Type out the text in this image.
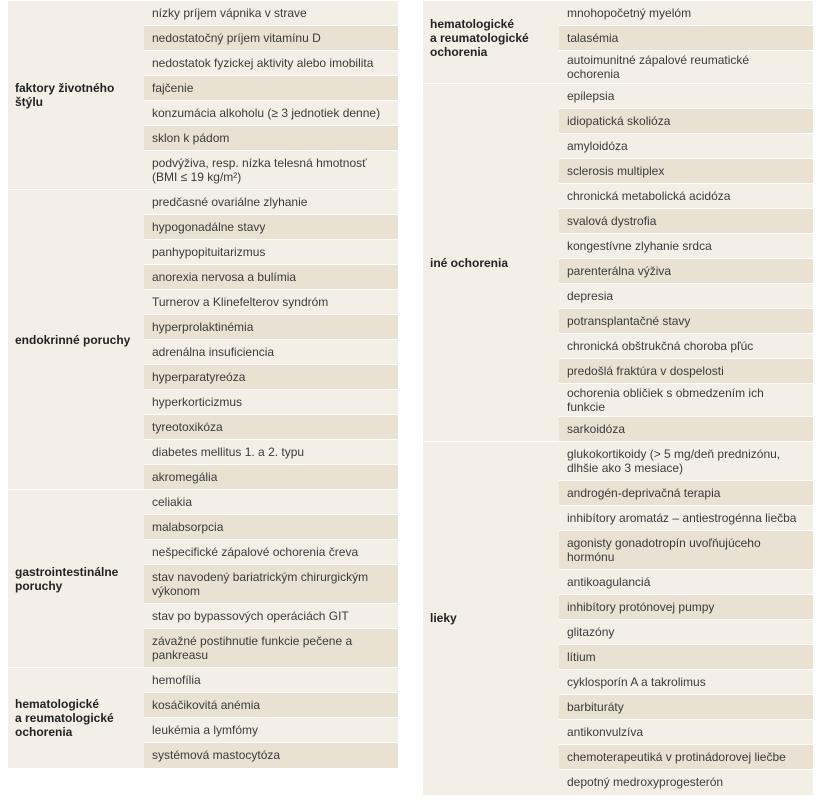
faktory životného
štýlu	nízky príjem vápnika v strave
	nedostatočný príjem vitamínu D
	nedostatok fyzickej aktivity alebo imobilita
	fajčenie
	konzumácia alkoholu (≥ 3 jednotiek denne)
	sklon k pádom
	podvýživa, resp. nízka telesná hmotnosť (BMI ≤ 19 kg/m²)
endokrinné poruchy	predčasné ovariálne zlyhanie
	hypogonadálne stavy
	panhypopituitarizmus
	anorexia nervosa a bulímia
	Turnerov a Klinefelterov syndróm
	hyperprolaktinémia
	adrenálna insuficiencia
	hyperparatyreóza
	hyperkorticizmus
	tyreotoxikóza
	diabetes mellitus 1. a 2. typu
	akromegália
gastrointestinálne
poruchy	celiakia
	malabsorpcia
	nešpecifické zápalové ochorenia čreva
	stav navodený bariatrickým chirurgickým výkonom
	stav po bypassových operáciách GIT
	závažné postihnutie funkcie pečene a pankreasu
hematologické
a reumatologické
ochorenia	hemofília
	kosáčikovitá anémia
	leukémia a lymfómy
	systémová mastocytóza
hematologické
a reumatologické
ochorenia	mnohopočetný myelóm
	talasémia
	autoimunitné zápalové reumatické ochorenia
iné ochorenia	epilepsia
	idiopatická skolióza
	amyloidóza
	sclerosis multiplex
	chronická metabolická acidóza
	svalová dystrofia
	kongestívne zlyhanie srdca
	parenterálna výživa
	depresia
	potransplantačné stavy
	chronická obštrukčná choroba pľúc
	predošlá fraktúra v dospelosti
	ochorenia obličiek s obmedzením ich funkcie
	sarkoidóza
lieky	glukokortikoidy (> 5 mg/deň prednizónu, dlhšie ako 3 mesiace)
	androgén-deprivačná terapia
	inhibítory aromatáz – antiestrogénna liečba
	agonisty gonadotropín uvoľňujúceho hormónu
	antikoagulanciá
	inhibítory protónovej pumpy
	glitazóny
	lítium
	cyklosporín A a takrolimus
	barbituráty
	antikonvulzíva
	chemoterapeutiká v protinádorovej liečbe
	depotný medroxyprogesterón
